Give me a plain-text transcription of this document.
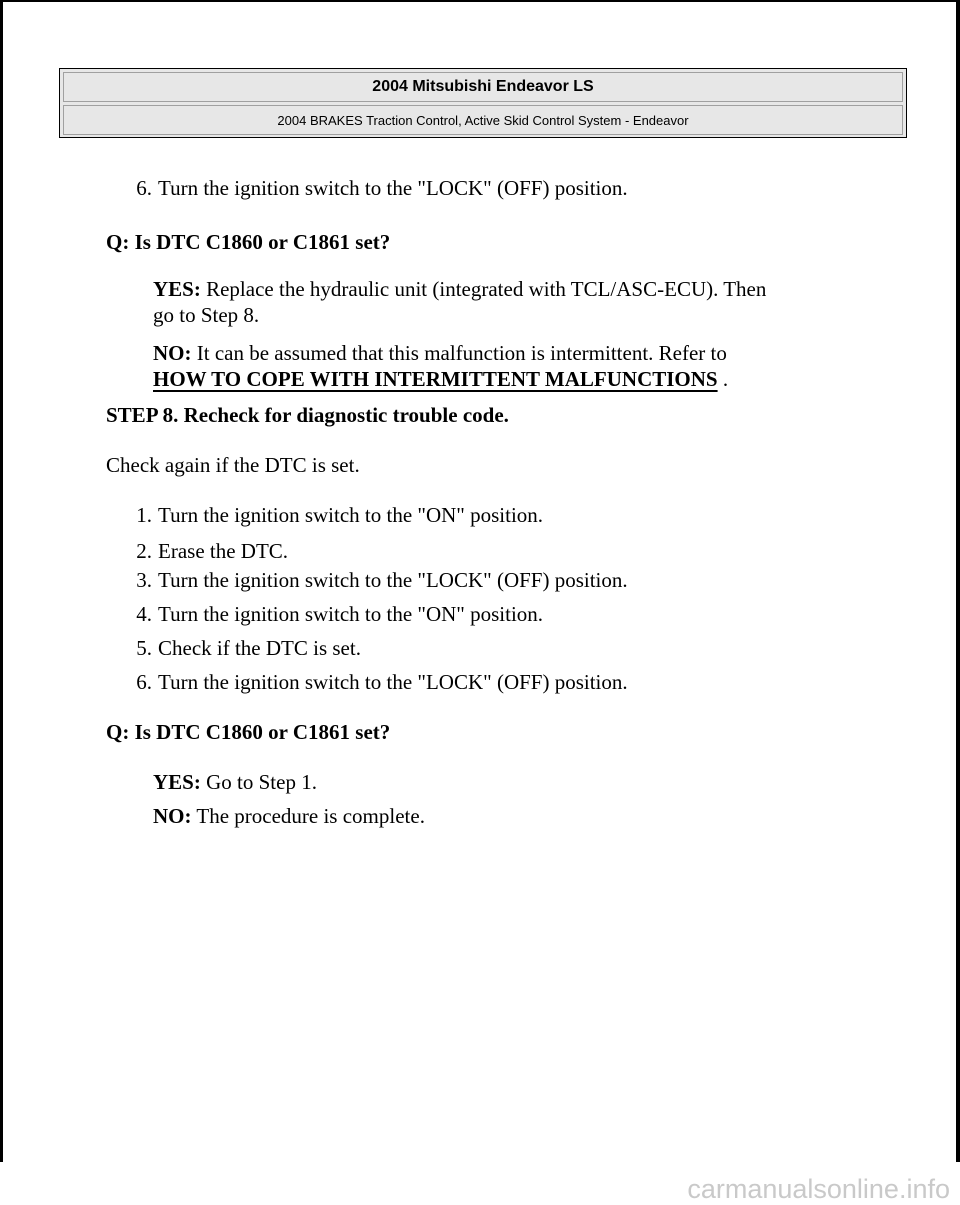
2004 Mitsubishi Endeavor LS
2004 BRAKES Traction Control, Active Skid Control System - Endeavor
6. Turn the ignition switch to the "LOCK" (OFF) position.
Q: Is DTC C1860 or C1861 set?
YES: Replace the hydraulic unit (integrated with TCL/ASC-ECU). Then
go to Step 8.
NO: It can be assumed that this malfunction is intermittent. Refer to
HOW TO COPE WITH INTERMITTENT MALFUNCTIONS .
STEP 8. Recheck for diagnostic trouble code.
Check again if the DTC is set.
1. Turn the ignition switch to the "ON" position.
2. Erase the DTC.
3. Turn the ignition switch to the "LOCK" (OFF) position.
4. Turn the ignition switch to the "ON" position.
5. Check if the DTC is set.
6. Turn the ignition switch to the "LOCK" (OFF) position.
Q: Is DTC C1860 or C1861 set?
YES: Go to Step 1.
NO: The procedure is complete.
carmanualsonline.info
